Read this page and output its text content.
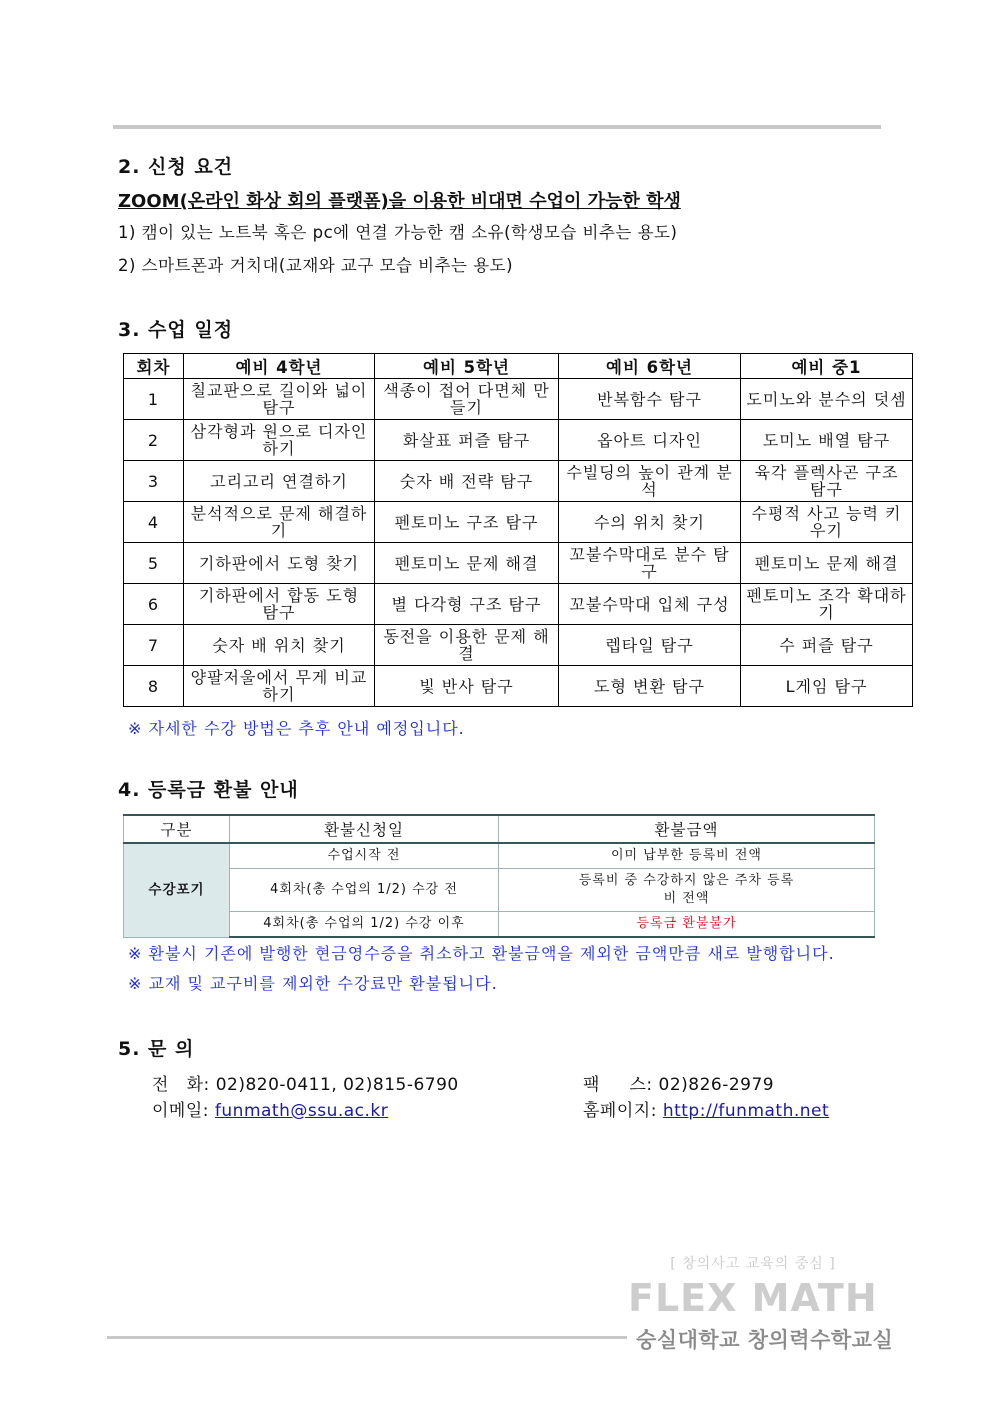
2. 신청 요건
ZOOM(온라인 화상 회의 플랫폼)을 이용한 비대면 수업이 가능한 학생
1) 캠이 있는 노트북 혹은 pc에 연결 가능한 캠 소유(학생모습 비추는 용도)
2) 스마트폰과 거치대(교재와 교구 모습 비추는 용도)
3. 수업 일정
회차	예비 4학년	예비 5학년	예비 6학년	예비 중1
1	칠교판으로 길이와 넓이 탐구	색종이 접어 다면체 만들기	반복함수 탐구	도미노와 분수의 덧셈
2	삼각형과 원으로 디자인하기	화살표 퍼즐 탐구	옵아트 디자인	도미노 배열 탐구
3	고리고리 연결하기	숫자 배 전략 탐구	수빌딩의 높이 관계 분석	육각 플렉사곤 구조 탐구
4	분석적으로 문제 해결하기	펜토미노 구조 탐구	수의 위치 찾기	수평적 사고 능력 키우기
5	기하판에서 도형 찾기	펜토미노 문제 해결	꼬불수막대로 분수 탐구	펜토미노 문제 해결
6	기하판에서 합동 도형 탐구	별 다각형 구조 탐구	꼬불수막대 입체 구성	펜토미노 조각 확대하기
7	숫자 배 위치 찾기	동전을 이용한 문제 해결	렙타일 탐구	수 퍼즐 탐구
8	양팔저울에서 무게 비교하기	빛 반사 탐구	도형 변환 탐구	L게임 탐구
※ 자세한 수강 방법은 추후 안내 예정입니다.
4. 등록금 환불 안내
구분	환불신청일	환불금액
수강포기	수업시작 전	이미 납부한 등록비 전액
	4회차(총 수업의 1/2) 수강 전	등록비 중 수강하지 않은 주차 등록비 전액

	4회차(총 수업의 1/2) 수강 이후	등록금 환불불가
※ 환불시 기존에 발행한 현금영수증을 취소하고 환불금액을 제외한 금액만큼 새로 발행합니다.
※ 교재 및 교구비를 제외한 수강료만 환불됩니다.
5. 문 의
전   화: 02)820-0411, 02)815-6790
이메일: funmath@ssu.ac.kr
팩     스: 02)826-2979
홈페이지: http://funmath.net
[ 창의사고 교육의 중심 ]
FLEX MATH
숭실대학교 창의력수학교실
